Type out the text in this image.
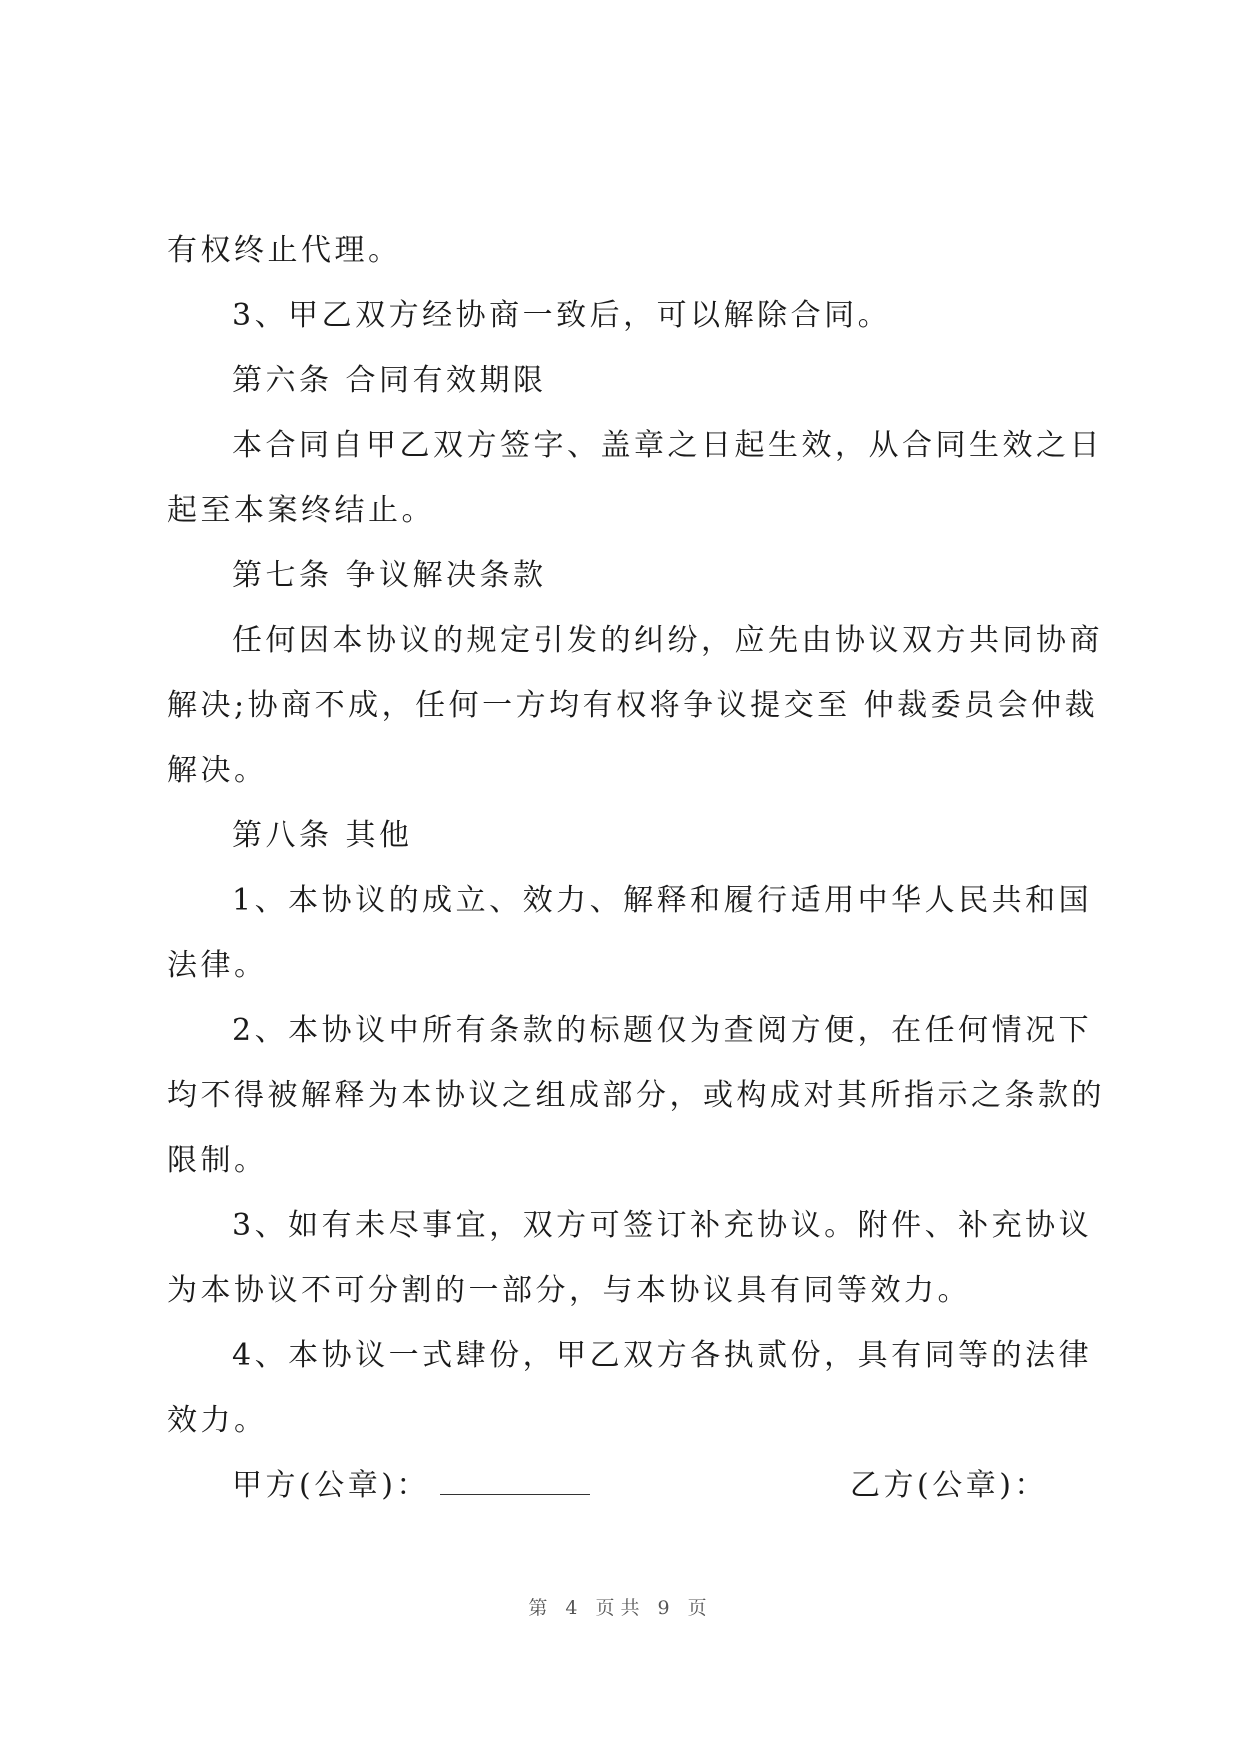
有权终止代理。
3、甲乙双方经协商一致后，可以解除合同。
第六条 合同有效期限
本合同自甲乙双方签字、盖章之日起生效，从合同生效之日
起至本案终结止。
第七条 争议解决条款
任何因本协议的规定引发的纠纷，应先由协议双方共同协商
解决;协商不成，任何一方均有权将争议提交至 仲裁委员会仲裁
解决。
第八条 其他
1、本协议的成立、效力、解释和履行适用中华人民共和国
法律。
2、本协议中所有条款的标题仅为查阅方便，在任何情况下
均不得被解释为本协议之组成部分，或构成对其所指示之条款的
限制。
3、如有未尽事宜，双方可签订补充协议。附件、补充协议
为本协议不可分割的一部分，与本协议具有同等效力。
4、本协议一式肆份，甲乙双方各执贰份，具有同等的法律
效力。
甲方(公章)：	乙方(公章)：
第 4 页共 9 页
